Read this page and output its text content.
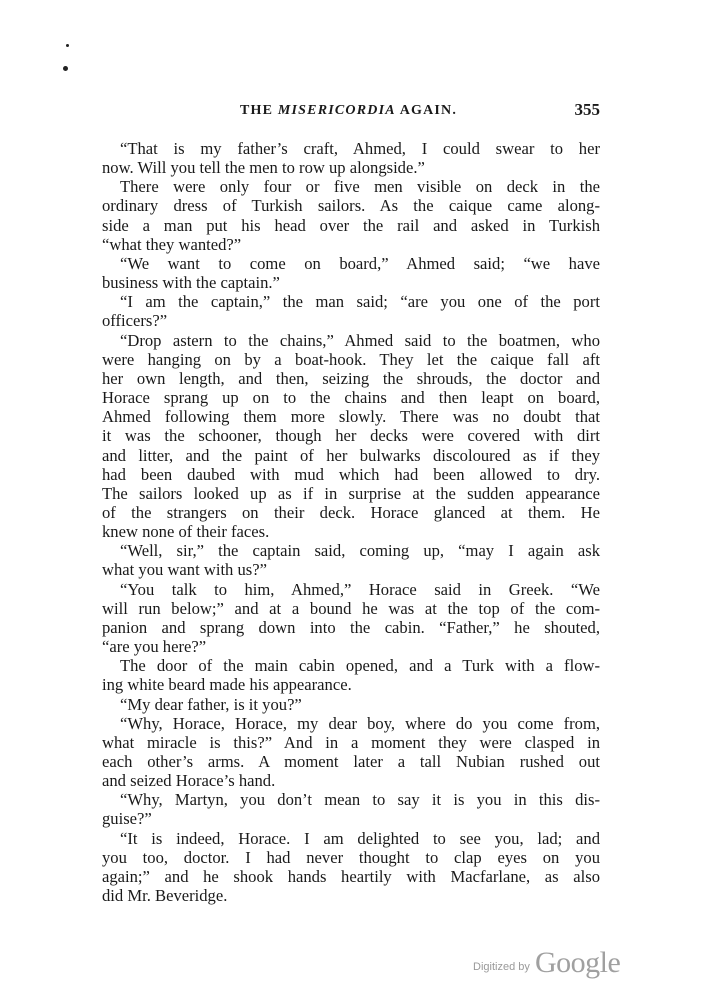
THE MISERICORDIA AGAIN.	355
“That is my father’s craft, Ahmed, I could swear to her
now. Will you tell the men to row up alongside.”
There were only four or five men visible on deck in the
ordinary dress of Turkish sailors. As the caique came along-
side a man put his head over the rail and asked in Turkish
“what they wanted?”
“We want to come on board,” Ahmed said; “we have
business with the captain.”
“I am the captain,” the man said; “are you one of the port
officers?”
“Drop astern to the chains,” Ahmed said to the boatmen, who
were hanging on by a boat-hook. They let the caique fall aft
her own length, and then, seizing the shrouds, the doctor and
Horace sprang up on to the chains and then leapt on board,
Ahmed following them more slowly. There was no doubt that
it was the schooner, though her decks were covered with dirt
and litter, and the paint of her bulwarks discoloured as if they
had been daubed with mud which had been allowed to dry.
The sailors looked up as if in surprise at the sudden appearance
of the strangers on their deck. Horace glanced at them. He
knew none of their faces.
“Well, sir,” the captain said, coming up, “may I again ask
what you want with us?”
“You talk to him, Ahmed,” Horace said in Greek. “We
will run below;” and at a bound he was at the top of the com-
panion and sprang down into the cabin. “Father,” he shouted,
“are you here?”
The door of the main cabin opened, and a Turk with a flow-
ing white beard made his appearance.
“My dear father, is it you?”
“Why, Horace, Horace, my dear boy, where do you come from,
what miracle is this?” And in a moment they were clasped in
each other’s arms. A moment later a tall Nubian rushed out
and seized Horace’s hand.
“Why, Martyn, you don’t mean to say it is you in this dis-
guise?”
“It is indeed, Horace. I am delighted to see you, lad; and
you too, doctor. I had never thought to clap eyes on you
again;” and he shook hands heartily with Macfarlane, as also
did Mr. Beveridge.
Digitized by Google
